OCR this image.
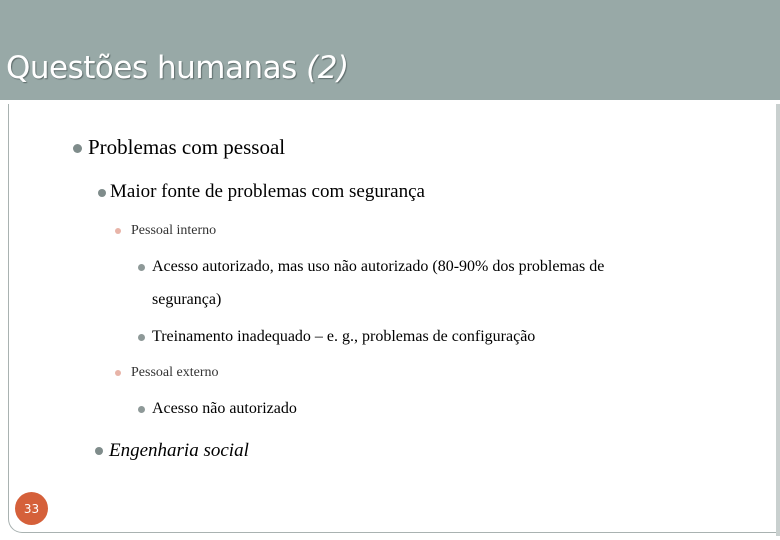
Questões humanas (2)
Problemas com pessoal
Maior fonte de problemas com segurança
Pessoal interno
Acesso autorizado, mas uso não autorizado (80-90% dos problemas de
segurança)
Treinamento inadequado – e. g., problemas de configuração
Pessoal externo
Acesso não autorizado
Engenharia social
33
